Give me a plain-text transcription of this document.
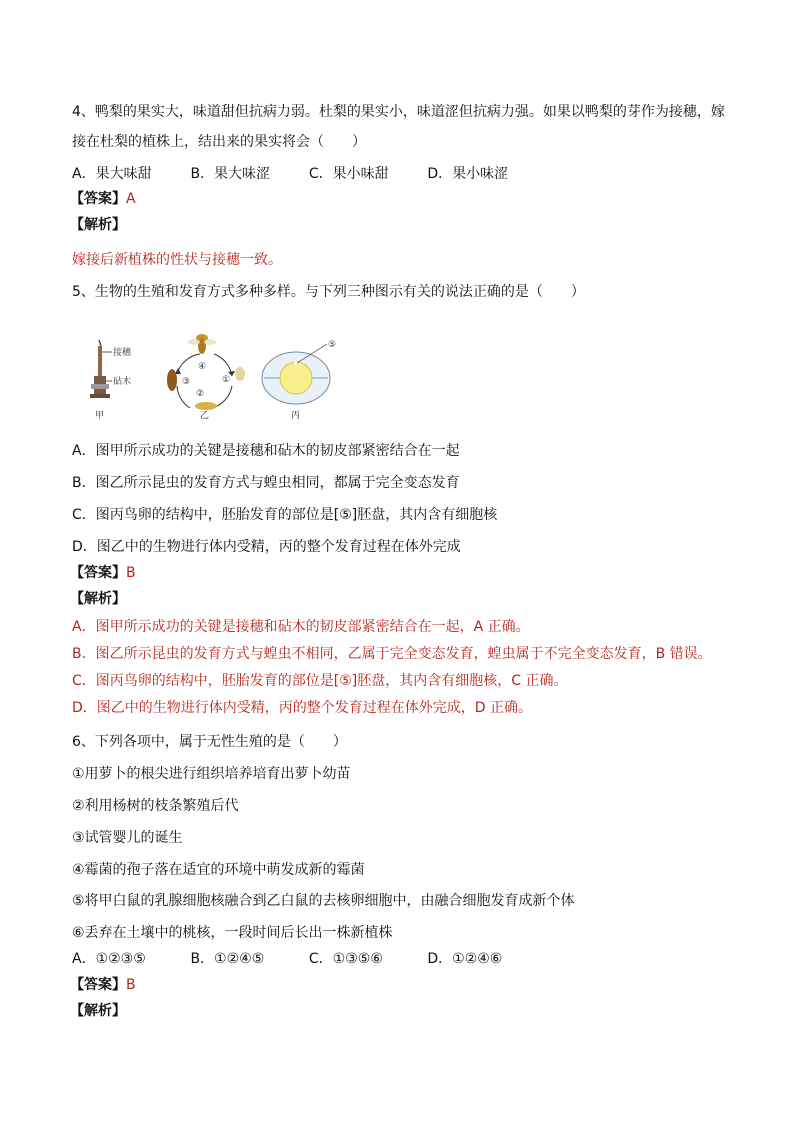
4、鸭梨的果实大，味道甜但抗病力弱。杜梨的果实小，味道涩但抗病力强。如果以鸭梨的芽作为接穗，嫁
接在杜梨的植株上，结出来的果实将会（　　）
A．果大味甜	B．果大味涩	C．果小味甜	D．果小味涩
【答案】A
【解析】
嫁接后新植株的性状与接穗一致。
5、生物的生殖和发育方式多种多样。与下列三种图示有关的说法正确的是（　　）
接穗
砧木
甲
④
①
②
③
乙
⑤
丙
A．图甲所示成功的关键是接穗和砧木的韧皮部紧密结合在一起
B．图乙所示昆虫的发育方式与蝗虫相同，都属于完全变态发育
C．图丙鸟卵的结构中，胚胎发育的部位是[⑤]胚盘，其内含有细胞核
D．图乙中的生物进行体内受精，丙的整个发育过程在体外完成
【答案】B
【解析】
A．图甲所示成功的关键是接穗和砧木的韧皮部紧密结合在一起，A 正确。
B．图乙所示昆虫的发育方式与蝗虫不相同，乙属于完全变态发育，蝗虫属于不完全变态发育，B 错误。
C．图丙鸟卵的结构中，胚胎发育的部位是[⑤]胚盘，其内含有细胞核，C 正确。
D．图乙中的生物进行体内受精，丙的整个发育过程在体外完成，D 正确。
6、下列各项中，属于无性生殖的是（　　）
①用萝卜的根尖进行组织培养培育出萝卜幼苗
②利用杨树的枝条繁殖后代
③试管婴儿的诞生
④霉菌的孢子落在适宜的环境中萌发成新的霉菌
⑤将甲白鼠的乳腺细胞核融合到乙白鼠的去核卵细胞中，由融合细胞发育成新个体
⑥丢弃在土壤中的桃核，一段时间后长出一株新植株
A．①②③⑤	B．①②④⑤	C．①③⑤⑥	D．①②④⑥
【答案】B
【解析】
